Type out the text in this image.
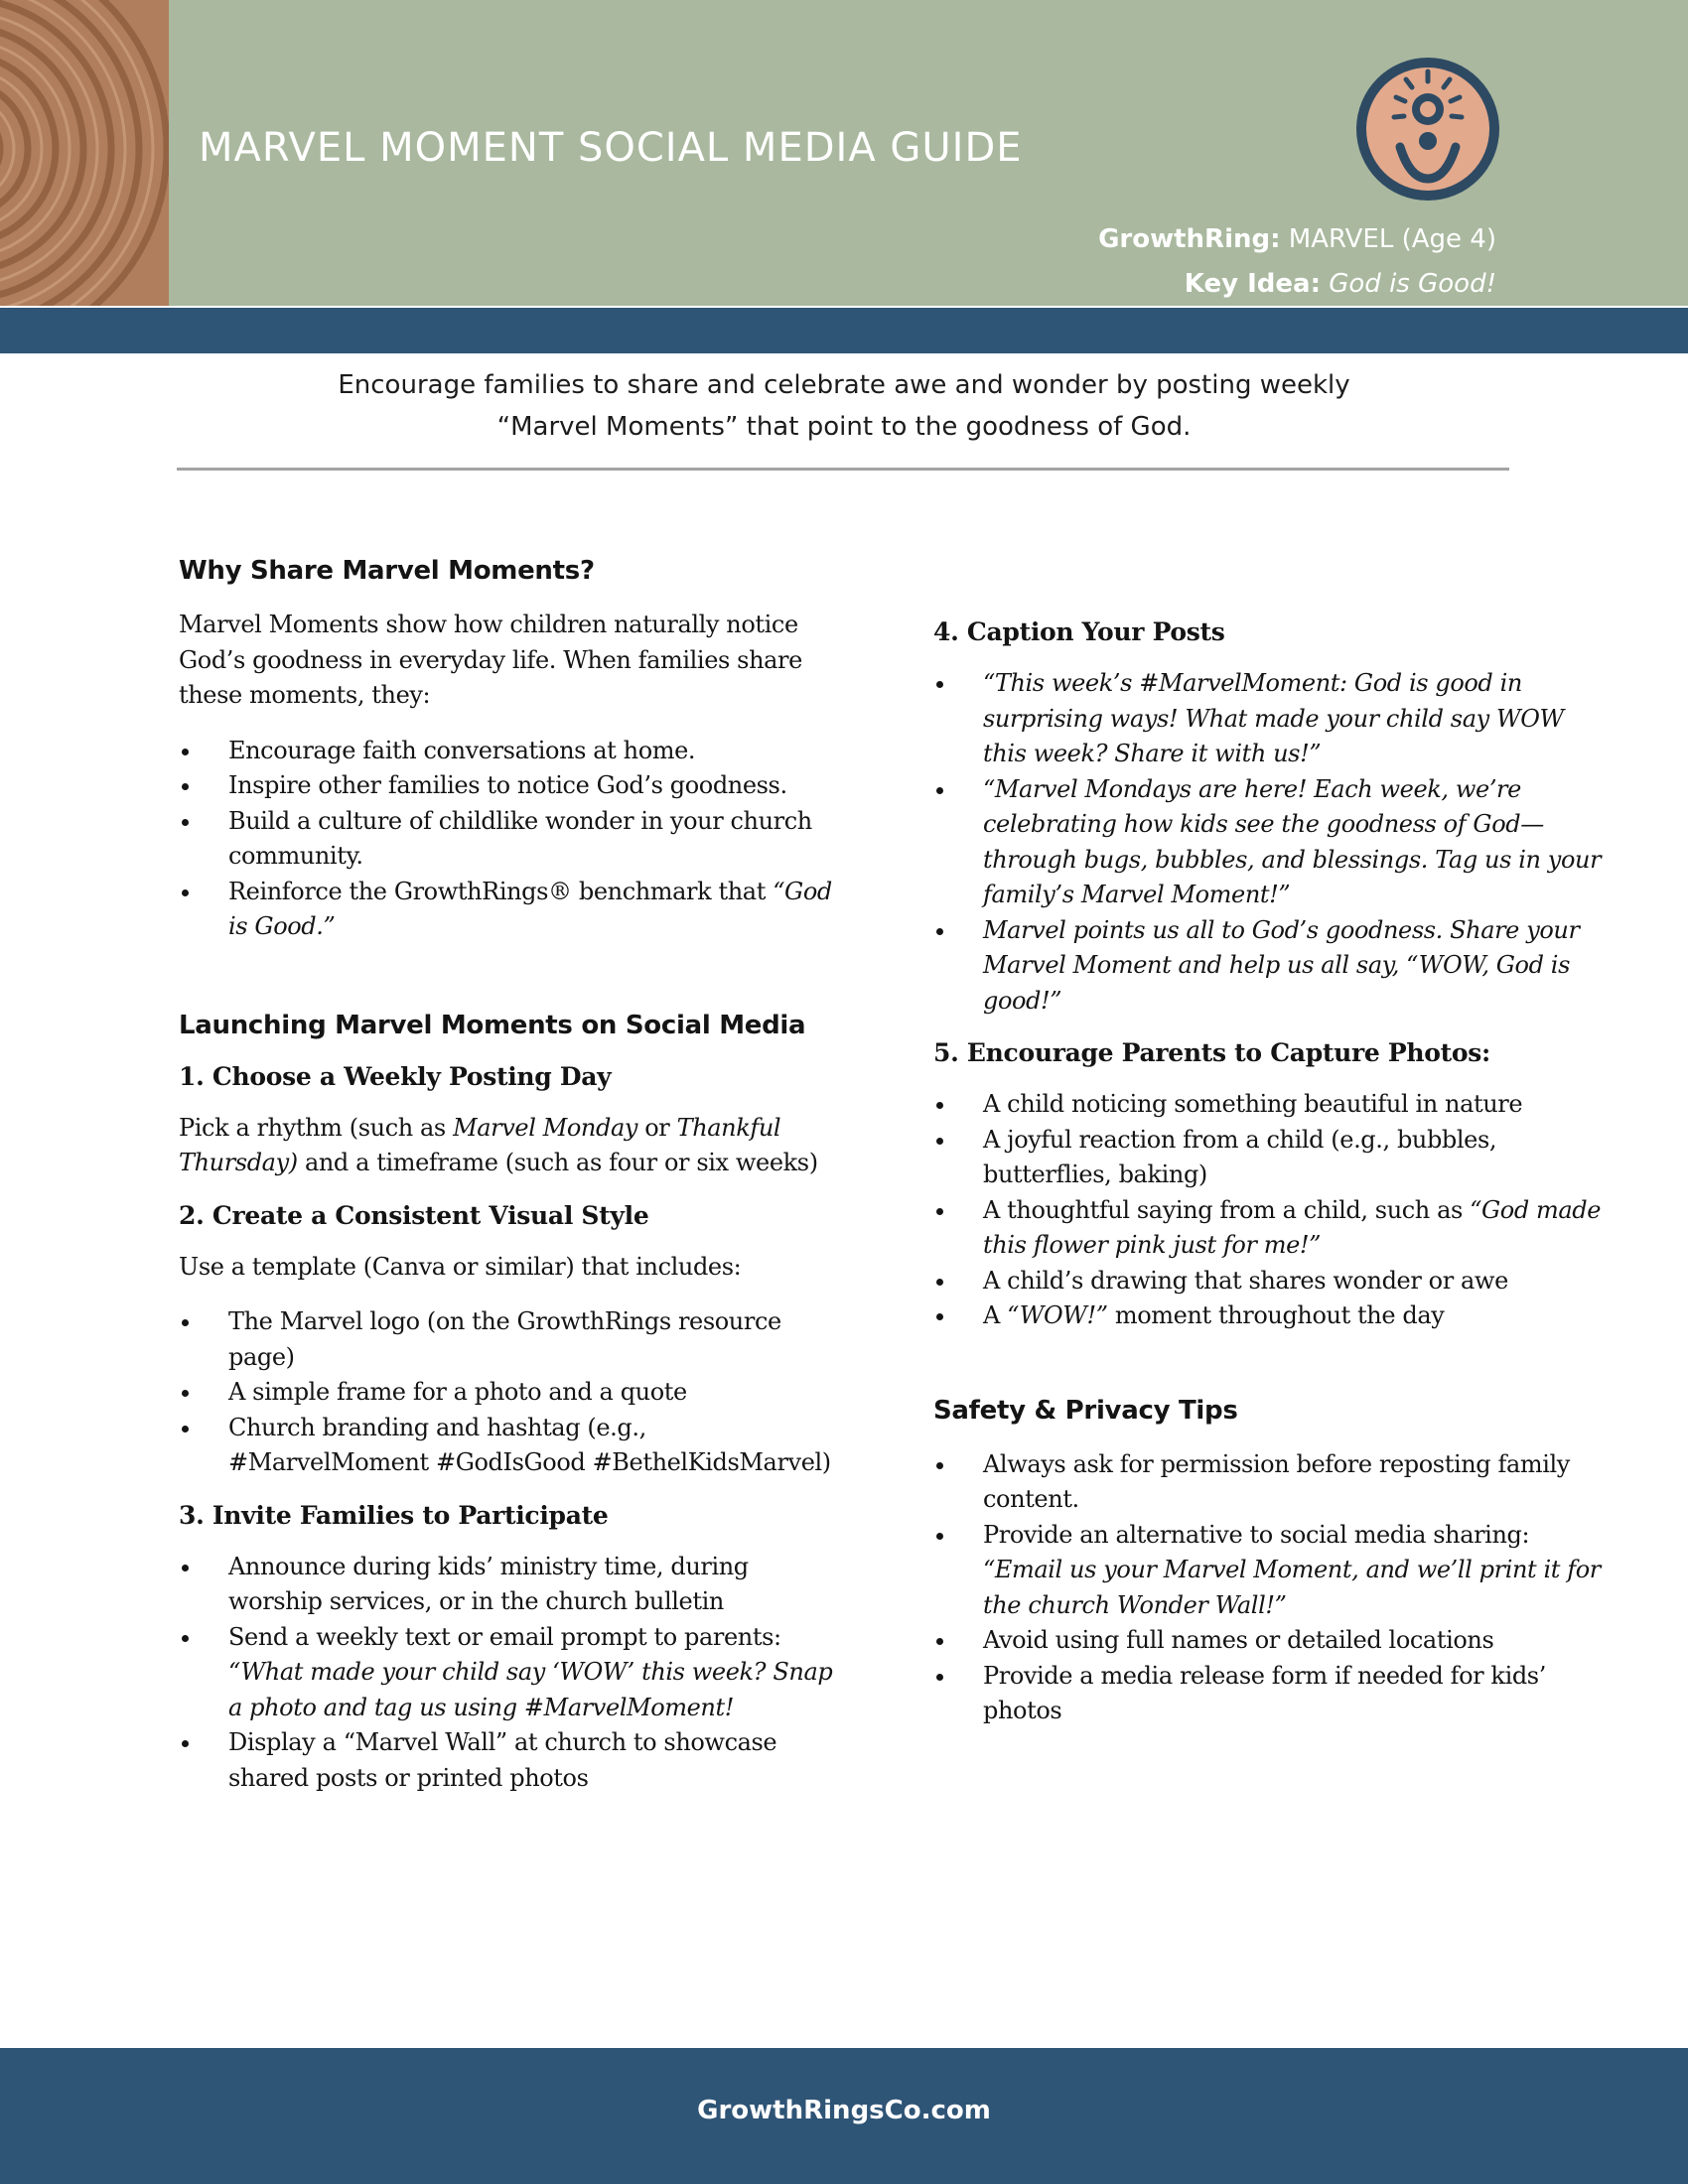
MARVEL MOMENT SOCIAL MEDIA GUIDE
GrowthRing: MARVEL (Age 4)
Key Idea: God is Good!
Encourage families to share and celebrate awe and wonder by posting weekly
“Marvel Moments” that point to the goodness of God.
Why Share Marvel Moments?

Marvel Moments show how children naturally notice God’s goodness in everyday life. When families share these moments, they:

Encourage faith conversations at home.
Inspire other families to notice God’s goodness.
Build a culture of childlike wonder in your church community.
Reinforce the GrowthRings® benchmark that “God is Good.”
Launching Marvel Moments on Social Media
1. Choose a Weekly Posting Day

Pick a rhythm (such as Marvel Monday or Thankful Thursday) and a timeframe (such as four or six weeks)

2. Create a Consistent Visual Style

Use a template (Canva or similar) that includes:

The Marvel logo (on the GrowthRings resource page)
A simple frame for a photo and a quote
Church branding and hashtag (e.g., #MarvelMoment #GodIsGood #BethelKidsMarvel)
3. Invite Families to Participate
Announce during kids’ ministry time, during worship services, or in the church bulletin
Send a weekly text or email prompt to parents: “What made your child say ‘WOW’ this week? Snap a photo and tag us using #MarvelMoment!
Display a “Marvel Wall” at church to showcase shared posts or printed photos
4. Caption Your Posts
“This week’s #MarvelMoment: God is good in surprising ways! What made your child say WOW this week? Share it with us!”
“Marvel Mondays are here! Each week, we’re celebrating how kids see the goodness of God—through bugs, bubbles, and blessings. Tag us in your family’s Marvel Moment!”
Marvel points us all to God’s goodness. Share your Marvel Moment and help us all say, “WOW, God is good!”
5. Encourage Parents to Capture Photos:
A child noticing something beautiful in nature
A joyful reaction from a child (e.g., bubbles, butterflies, baking)
A thoughtful saying from a child, such as “God made this flower pink just for me!”
A child’s drawing that shares wonder or awe
A “WOW!” moment throughout the day
Safety & Privacy Tips
Always ask for permission before reposting family content.
Provide an alternative to social media sharing: “Email us your Marvel Moment, and we’ll print it for the church Wonder Wall!”
Avoid using full names or detailed locations
Provide a media release form if needed for kids’ photos
GrowthRingsCo.com
